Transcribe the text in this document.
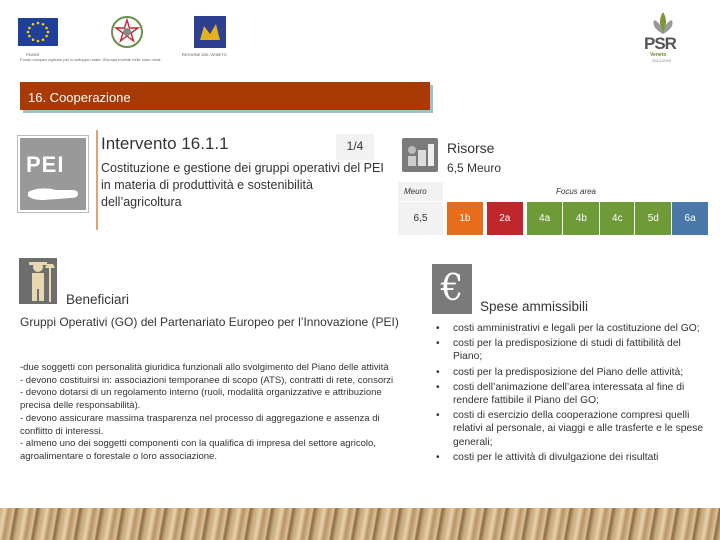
FEASR	REGIONE DEL VENETO
Fondo europeo agricolo per lo sviluppo rurale: l'Europa investe nelle zone rurali
PSR
Veneto
2014-2020
16. Cooperazione
PEI
Intervento 16.1.1	1/4
Costituzione e gestione dei gruppi operativi del PEI in materia di produttività e sostenibilità dell’agricoltura
Risorse
6,5 Meuro
Meuro	Focus area									
6,5		1b		2a		4a	4b	4c	5d	6a
Beneficiari
Gruppi Operativi (GO) del Partenariato Europeo per l’Innovazione (PEI)

-due soggetti con personalità giuridica funzionali allo svolgimento del Piano delle attività

- devono costituirsi in: associazioni temporanee di scopo (ATS), contratti di rete, consorzi

- devono dotarsi di un regolamento interno (ruoli, modalità organizzative e attribuzione precisa delle responsabilità).

- devono assicurare massima trasparenza nel processo di aggregazione e assenza di conflitto di interessi.

- almeno uno dei soggetti componenti con la qualifica di impresa del settore agricolo, agroalimentare o forestale o loro associazione.

€	Spese ammissibili
• costi amministrativi e legali per la costituzione del GO;
• costi per la predisposizione di studi di fattibilità del Piano;
• costi per la predisposizione del Piano delle attività;
• costi dell’animazione dell’area interessata al fine di rendere fattibile il Piano del GO;
• costi di esercizio della cooperazione compresi quelli relativi al personale, ai viaggi e alle trasferte e le spese generali;
• costi per le attività di divulgazione dei risultati
